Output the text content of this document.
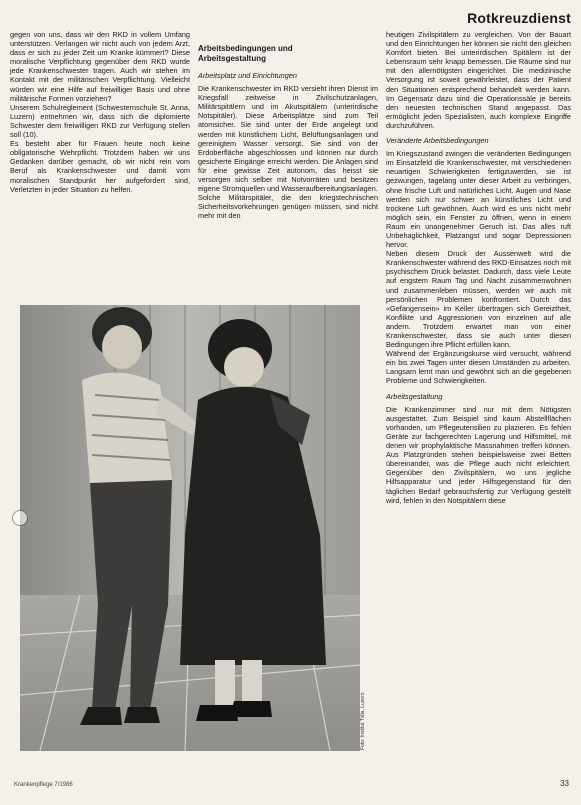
Rotkreuzdienst

gegen von uns, dass wir den RKD in vollem Umfang unterstützen. Verlangen wir nicht auch von jedem Arzt, dass er sich zu jeder Zeit um Kranke kümmert? Diese moralische Verpflichtung gegenüber dem RKD wurde jede Krankenschwester tragen. Auch wir stehen im Kontakt mit der militärischen Verpflichtung. Vielleicht würden wir eine Hilfe auf freiwilliger Basis und ohne militärische Formen vorziehen?

Unserem Schulreglement (Schwesternschule St. Anna, Luzern) entnehmen wir, dass sich die diplomierte Schwester dem freiwilligen RKD zur Verfügung stellen soll (10).

Es besteht aber für Frauen heute noch keine obligatorische Wehrpflicht. Trotzdem haben wir uns Gedanken darüber gemacht, ob wir nicht rein vom Beruf als Krankenschwester und damit vom moralischen Standpunkt her aufgefordert sind, Verletzten in jeder Situation zu helfen.

Arbeitsbedingungen und
Arbeitsgestaltung

Arbeitsplatz und Einrichtungen

Die Krankenschwester im RKD versieht ihren Dienst im Kriegsfall zeitweise in Zivilschutzanlagen, Militärspitälern und im Akutspitälern (unterirdische Notspitäler). Diese Arbeitsplätze sind zum Teil atomsicher. Sie sind unter der Erde angelegt und werden mit künstlichem Licht, Belüftungsanlagen und gereinigtem Wasser versorgt. Sie sind von der Erdoberfläche abgeschlossen und können nur durch gesicherte Eingänge erreicht werden. Die Anlagen sind für eine gewisse Zeit autonom, das heisst sie versorgen sich selber mit Notvorräten und besitzen eigene Stromquellen und Wasseraufbereitungsanlagen.

Solche Militärspitäler, die den kriegstechnischen Sicherheitsvorkehrungen genügen müssen, sind nicht mehr mit den

heutigen Zivilspitälern zu vergleichen. Von der Bauart und den Einrichtungen her können sie nicht den gleichen Komfort bieten. Bei unterirdischen Spitälern ist der Lebensraum sehr knapp bemessen. Die Räume sind nur mit den allernötigsten eingerichtet. Die medizinische Versorgung ist soweit gewährleistet, dass der Patient den Situationen entsprechend behandelt werden kann. Im Gegensatz dazu sind die Operationssäle je bereits den neuesten technischen Stand angepasst. Das ermöglicht jeden Spezialisten, auch komplexe Eingriffe durchzuführen.

Veränderte Arbeitsbedingungen

Im Kriegszustand zwingen die veränderten Bedingungen im Einsatzfeld die Krankenschwester, mit verschiedenen neuartigen Schwierigkeiten fertigzuwerden, sie ist gezwungen, tagelang unter dieser Arbeit zu verbringen, ohne frische Luft und natürliches Licht. Augen und Nase werden sich nur schwer an künstliches Licht und trockene Luft gewöhnen. Auch wird es uns nicht mehr möglich sein, ein Fenster zu öffnen, wenn in einem Raum ein unangenehmer Geruch ist. Das alles ruft Unbehaglichkeit, Platzangst und sogar Depressionen hervor.

Neben diesem Druck der Aussenwelt wird die Krankenschwester während des RKD-Einsatzes noch mit psychischem Druck belastet. Dadurch, dass viele Leute auf engstem Raum Tag und Nacht zusammenwohnen und zusammenleben müssen, werden wir auch mit persönlichen Problemen konfrontiert. Durch das «Gefangensein» im Keller übertragen sich Gereiztheit, Konflikte und Aggressionen von einzelnen auf alle andern. Trotzdem erwartet man von einer Krankenschwester, dass sie auch unter diesen Bedingungen ihre Pflicht erfüllen kann.

Während der Ergänzungskurse wird versucht, während ein bis zwei Tagen unter diesen Umständen zu arbeiten. Langsam lernt man und gewöhnt sich an die gegebenen Probleme und Schwierigkeiten.

Arbeitsgestaltung

Die Krankenzimmer sind nur mit dem Nötigsten ausgestattet. Zum Beispiel sind kaum Abstellflächen vorhanden, um Pflegeutensilien zu plazieren. Es fehlen Geräte zur fachgerechten Lagerung und Hilfsmittel, mit denen wir prophylaktische Massnahmen treffen können. Aus Platzgründen stehen beispielsweise zwei Betten übereinander, was die Pflege auch nicht erleichtert. Gegenüber den Zivilspitälern, wo uns jegliche Hilfsapparatur und jeder Hilfsgegenstand für den täglichen Bedarf gebrauchsfertig zur Verfügung gestellt wird, fehlen in den Notspitälern diese

Foto: Institut Tidia, Luzern
Krankenpflege 7/1986	33
